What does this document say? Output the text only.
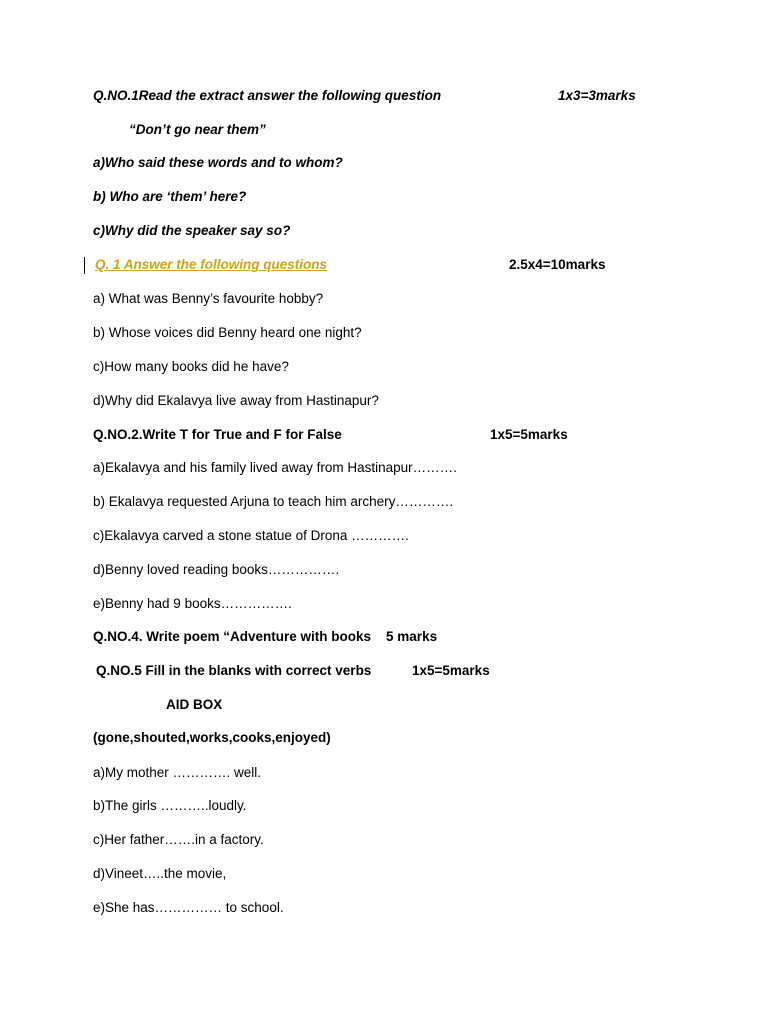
Q.NO.1Read the extract answer the following question	1x3=3marks
“Don’t go near them”
a)Who said these words and to whom?
b) Who are ‘them’ here?
c)Why did the speaker say so?
Q. 1 Answer the following questions	2.5x4=10marks
a) What was Benny’s favourite hobby?
b) Whose voices did Benny heard one night?
c)How many books did he have?
d)Why did Ekalavya live away from Hastinapur?
Q.NO.2.Write T for True and F for False	1x5=5marks
a)Ekalavya and his family lived away from Hastinapur……….
b) Ekalavya requested Arjuna to teach him archery………….
c)Ekalavya carved a stone statue of Drona ………….
d)Benny loved reading books…………….
e)Benny had 9 books…………….
Q.NO.4. Write poem “Adventure with books    5 marks
Q.NO.5 Fill in the blanks with correct verbs	1x5=5marks
AID BOX
(gone,shouted,works,cooks,enjoyed)
a)My mother …………. well.
b)The girls ………..loudly.
c)Her father…….in a factory.
d)Vineet…..the movie,
e)She has…………… to school.
